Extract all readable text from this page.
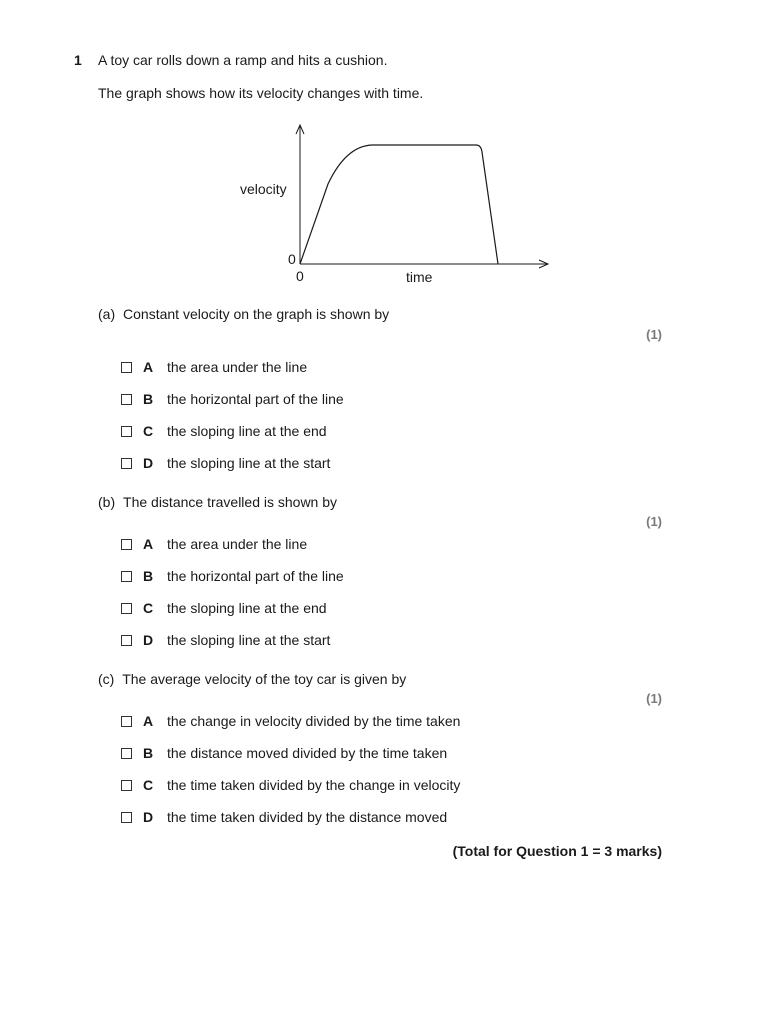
1 A toy car rolls down a ramp and hits a cushion.
The graph shows how its velocity changes with time.
velocity
0
0	time
(a) Constant velocity on the graph is shown by
(1)
A the area under the line
B the horizontal part of the line
C the sloping line at the end
D the sloping line at the start
(b) The distance travelled is shown by
(1)
A the area under the line
B the horizontal part of the line
C the sloping line at the end
D the sloping line at the start
(c) The average velocity of the toy car is given by
(1)
A the change in velocity divided by the time taken
B the distance moved divided by the time taken
C the time taken divided by the change in velocity
D the time taken divided by the distance moved
(Total for Question 1 = 3 marks)
